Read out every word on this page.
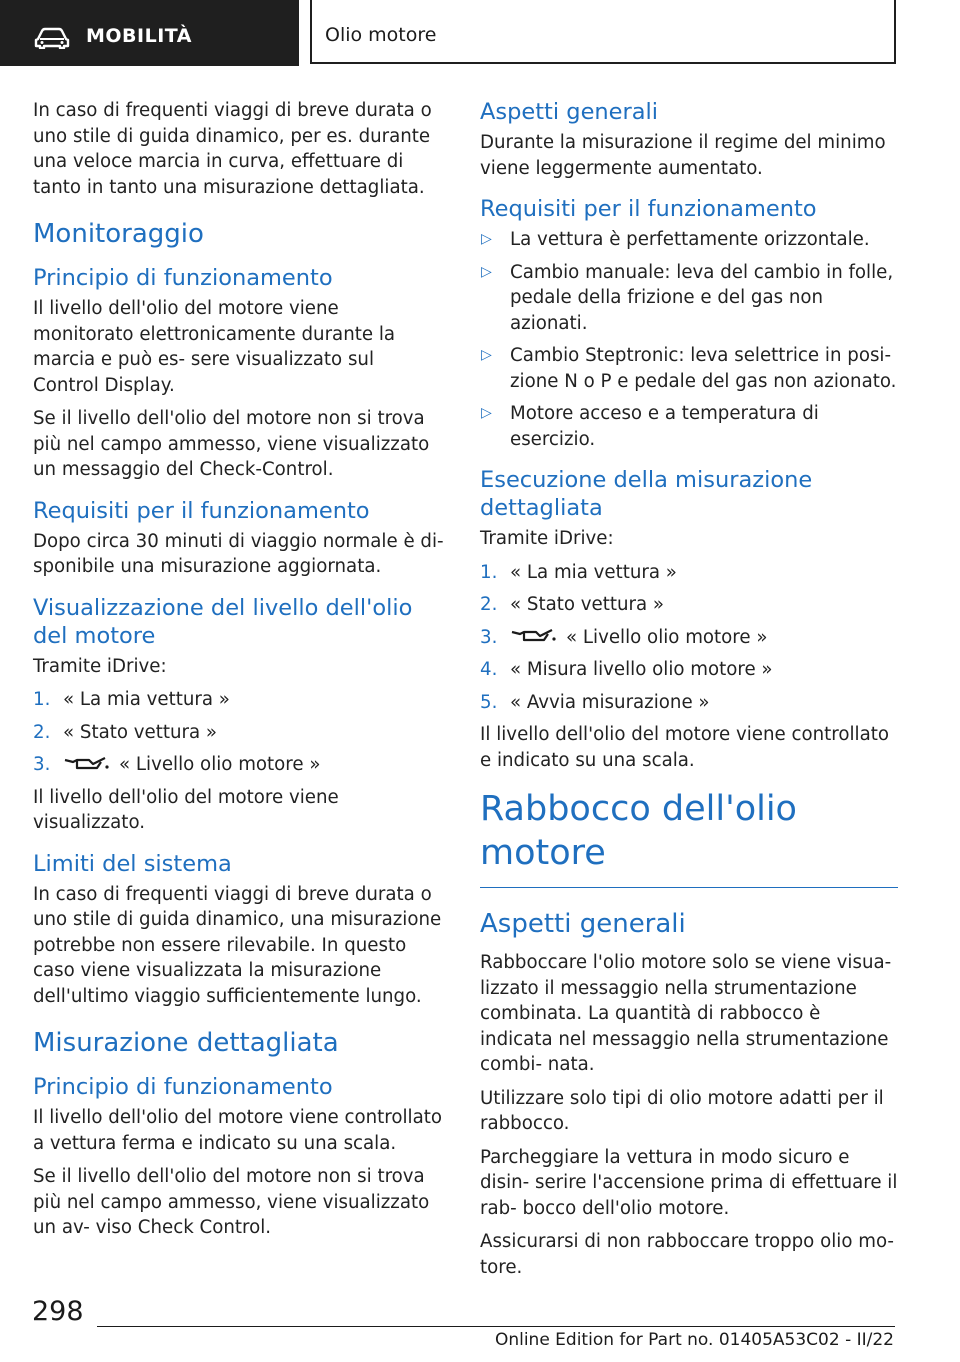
MOBILITÀ	Olio motore

In caso di frequenti viaggi di breve durata o uno stile di guida dinamico, per es. durante una veloce marcia in curva, effettuare di tanto in tanto una misurazione dettagliata.

Monitoraggio
Principio di funzionamento

Il livello dell'olio del motore viene monitorato elettronicamente durante la marcia e può es- sere visualizzato sul Control Display.

Se il livello dell'olio del motore non si trova più nel campo ammesso, viene visualizzato un messaggio del Check-Control.

Requisiti per il funzionamento

Dopo circa 30 minuti di viaggio normale è di- sponibile una misurazione aggiornata.

Visualizzazione del livello dell'olio del motore

Tramite iDrive:

1. « La mia vettura »
2. « Stato vettura »
3.	« Livello olio motore »

Il livello dell'olio del motore viene visualizzato.

Limiti del sistema

In caso di frequenti viaggi di breve durata o uno stile di guida dinamico, una misurazione potrebbe non essere rilevabile. In questo caso viene visualizzata la misurazione dell'ultimo viaggio sufficientemente lungo.

Misurazione dettagliata
Principio di funzionamento

Il livello dell'olio del motore viene controllato a vettura ferma e indicato su una scala.

Se il livello dell'olio del motore non si trova più nel campo ammesso, viene visualizzato un av- viso Check Control.

Aspetti generali

Durante la misurazione il regime del minimo viene leggermente aumentato.

Requisiti per il funzionamento
▷ La vettura è perfettamente orizzontale.
▷ Cambio manuale: leva del cambio in folle, pedale della frizione e del gas non azionati.
▷ Cambio Steptronic: leva selettrice in posi- zione N o P e pedale del gas non azionato.
▷ Motore acceso e a temperatura di esercizio.
Esecuzione della misurazione dettagliata

Tramite iDrive:

1. « La mia vettura »
2. « Stato vettura »
3.	« Livello olio motore »
4. « Misura livello olio motore »
5. « Avvia misurazione »

Il livello dell'olio del motore viene controllato e indicato su una scala.

Rabbocco dell'olio motore
Aspetti generali

Rabboccare l'olio motore solo se viene visua- lizzato il messaggio nella strumentazione combinata. La quantità di rabbocco è indicata nel messaggio nella strumentazione combi- nata.

Utilizzare solo tipi di olio motore adatti per il rabbocco.

Parcheggiare la vettura in modo sicuro e disin- serire l'accensione prima di effettuare il rab- bocco dell'olio motore.

Assicurarsi di non rabboccare troppo olio mo- tore.

298
Online Edition for Part no. 01405A53C02 - II/22
